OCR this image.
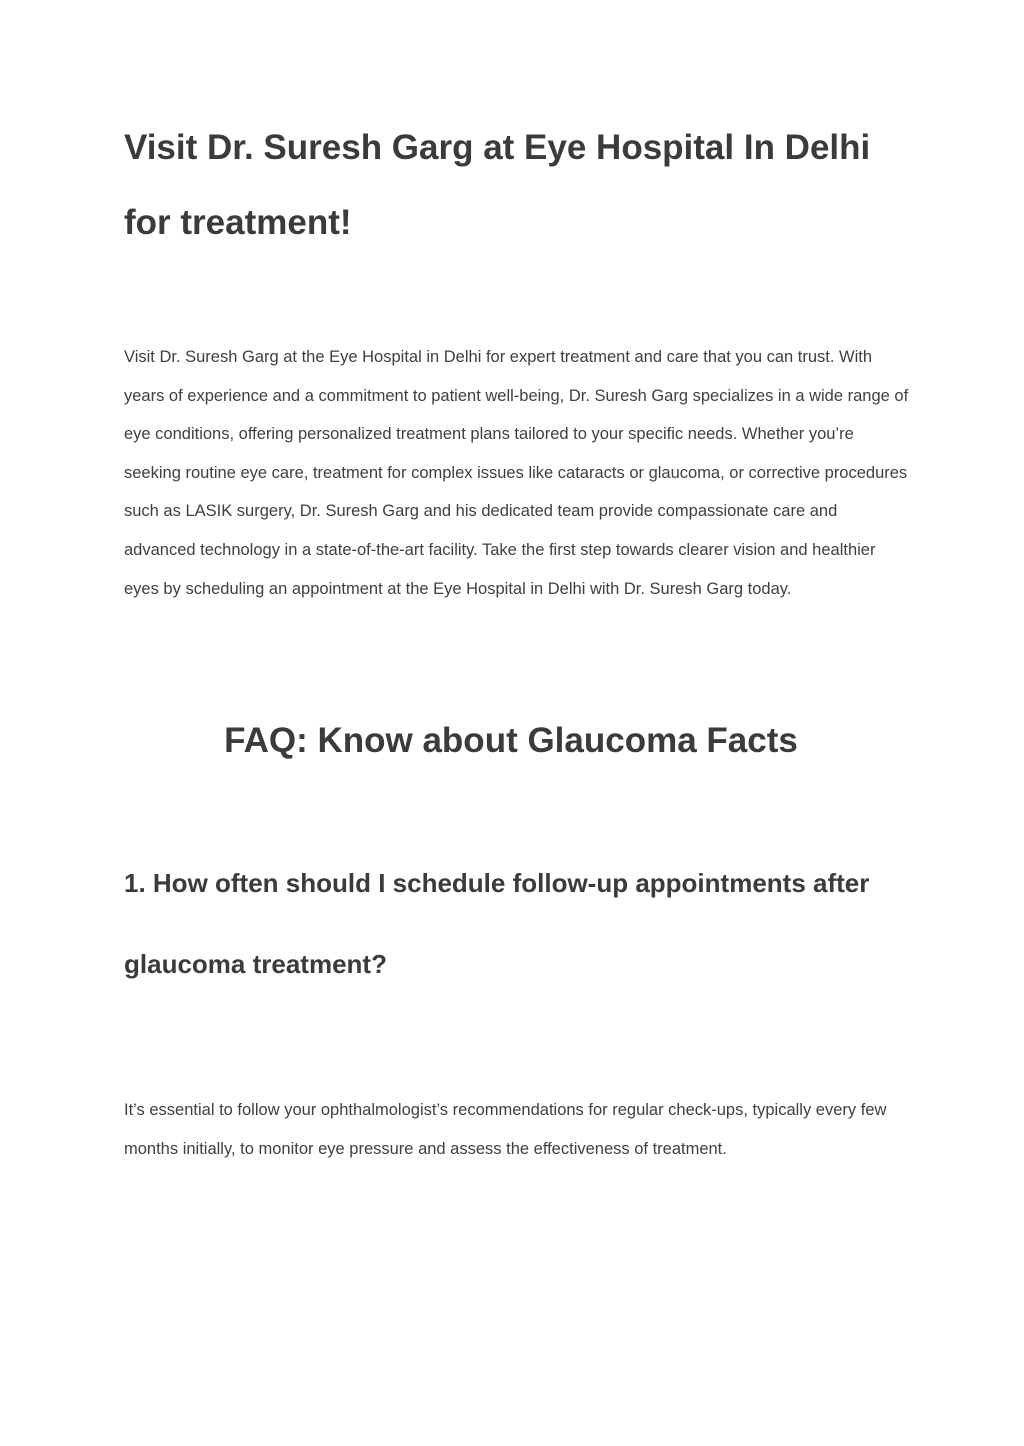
Visit Dr. Suresh Garg at Eye Hospital In Delhi for treatment!

Visit Dr. Suresh Garg at the Eye Hospital in Delhi for expert treatment and care that you can trust. With years of experience and a commitment to patient well-being, Dr. Suresh Garg specializes in a wide range of eye conditions, offering personalized treatment plans tailored to your specific needs. Whether you’re seeking routine eye care, treatment for complex issues like cataracts or glaucoma, or corrective procedures such as LASIK surgery, Dr. Suresh Garg and his dedicated team provide compassionate care and advanced technology in a state-of-the-art facility. Take the first step towards clearer vision and healthier eyes by scheduling an appointment at the Eye Hospital in Delhi with Dr. Suresh Garg today.

FAQ: Know about Glaucoma Facts
1. How often should I schedule follow-up appointments after glaucoma treatment?

It’s essential to follow your ophthalmologist’s recommendations for regular check-ups, typically every few months initially, to monitor eye pressure and assess the effectiveness of treatment.
